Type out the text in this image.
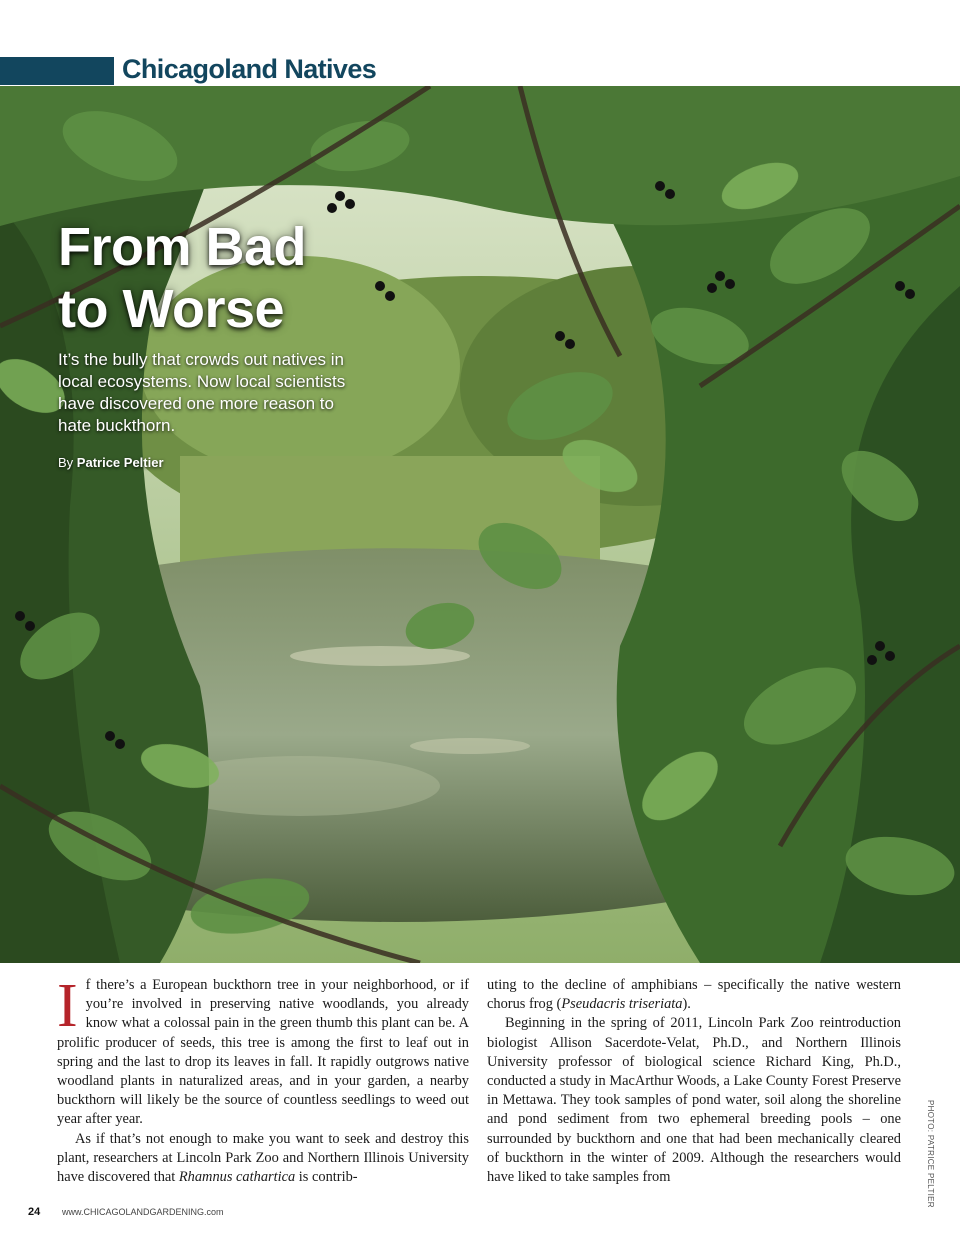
Chicagoland Natives
From Bad
to Worse

It’s the bully that crowds out natives in local ecosystems. Now local scientists have discovered one more reason to hate buckthorn.

By Patrice Peltier

I f there’s a European buckthorn tree in your neighborhood, or if you’re involved in preserving native woodlands, you already know what a colossal pain in the green thumb this plant can be. A prolific producer of seeds, this tree is among the first to leaf out in spring and the last to drop its leaves in fall. It rapidly outgrows native woodland plants in naturalized areas, and in your garden, a nearby buckthorn will likely be the source of countless seedlings to weed out year after year.

As if that’s not enough to make you want to seek and destroy this plant, researchers at Lincoln Park Zoo and Northern Illinois University have discovered that Rhamnus cathartica is contrib-

uting to the decline of amphibians – specifically the native western chorus frog (Pseudacris triseriata).

Beginning in the spring of 2011, Lincoln Park Zoo reintroduction biologist Allison Sacerdote-Velat, Ph.D., and Northern Illinois University professor of biological science Richard King, Ph.D., conducted a study in MacArthur Woods, a Lake County Forest Preserve in Mettawa. They took samples of pond water, soil along the shoreline and pond sediment from two ephemeral breeding pools – one surrounded by buckthorn and one that had been mechanically cleared of buckthorn in the winter of 2009. Although the researchers would have liked to take samples from	PHOTO: PATRICE PELTIER
24 www.CHICAGOLANDGARDENING.com
